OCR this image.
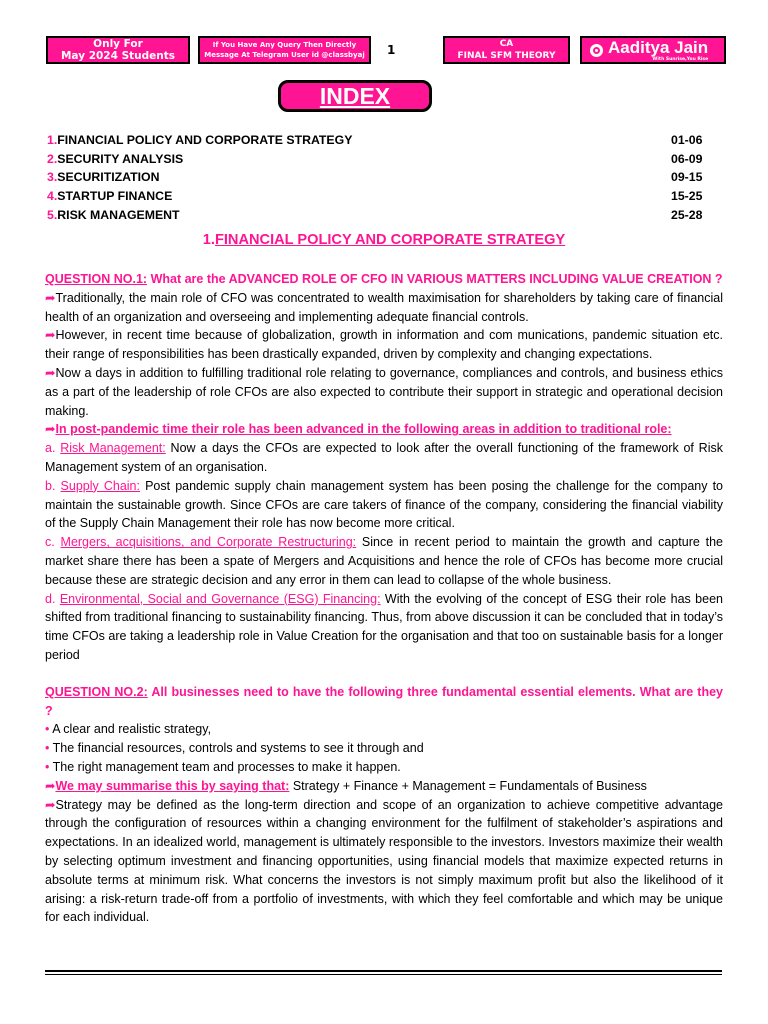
Only For
May 2024 Students
If You Have Any Query Then Directly
Message At Telegram User id @classbyaj	1	CA
FINAL SFM THEORY	Aaditya Jain
With Sunrise,You Rise
INDEX
1.FINANCIAL POLICY AND CORPORATE STRATEGY	01-06
2.SECURITY ANALYSIS	06-09
3.SECURITIZATION	09-15
4.STARTUP FINANCE	15-25
5.RISK MANAGEMENT	25-28
1.FINANCIAL POLICY AND CORPORATE STRATEGY

QUESTION NO.1: What are the ADVANCED ROLE OF CFO IN VARIOUS MATTERS INCLUDING VALUE CREATION ?

➦Traditionally, the main role of CFO was concentrated to wealth maximisation for shareholders by taking care of financial health of an organization and overseeing and implementing adequate financial controls.

➦However, in recent time because of globalization, growth in information and com munications, pandemic situation etc. their range of responsibilities has been drastically expanded, driven by complexity and changing expectations.

➦Now a days in addition to fulfilling traditional role relating to governance, compliances and controls, and business ethics as a part of the leadership of role CFOs are also expected to contribute their support in strategic and operational decision making.

➦In post-pandemic time their role has been advanced in the following areas in addition to traditional role:

a. Risk Management: Now a days the CFOs are expected to look after the overall functioning of the framework of Risk Management system of an organisation.

b. Supply Chain: Post pandemic supply chain management system has been posing the challenge for the company to maintain the sustainable growth. Since CFOs are care takers of finance of the company, considering the financial viability of the Supply Chain Management their role has now become more critical.

c. Mergers, acquisitions, and Corporate Restructuring: Since in recent period to maintain the growth and capture the market share there has been a spate of Mergers and Acquisitions and hence the role of CFOs has become more crucial because these are strategic decision and any error in them can lead to collapse of the whole business.

d. Environmental, Social and Governance (ESG) Financing: With the evolving of the concept of ESG their role has been shifted from traditional financing to sustainability financing. Thus, from above discussion it can be concluded that in today’s time CFOs are taking a leadership role in Value Creation for the organisation and that too on sustainable basis for a longer period

QUESTION NO.2: All businesses need to have the following three fundamental essential elements. What are they ?

• A clear and realistic strategy,

• The financial resources, controls and systems to see it through and

• The right management team and processes to make it happen.

➦We may summarise this by saying that: Strategy + Finance + Management = Fundamentals of Business

➦Strategy may be defined as the long-term direction and scope of an organization to achieve competitive advantage through the configuration of resources within a changing environment for the fulfilment of stakeholder’s aspirations and expectations. In an idealized world, management is ultimately responsible to the investors. Investors maximize their wealth by selecting optimum investment and financing opportunities, using financial models that maximize expected returns in absolute terms at minimum risk. What concerns the investors is not simply maximum profit but also the likelihood of it arising: a risk-return trade-off from a portfolio of investments, with which they feel comfortable and which may be unique for each individual.
